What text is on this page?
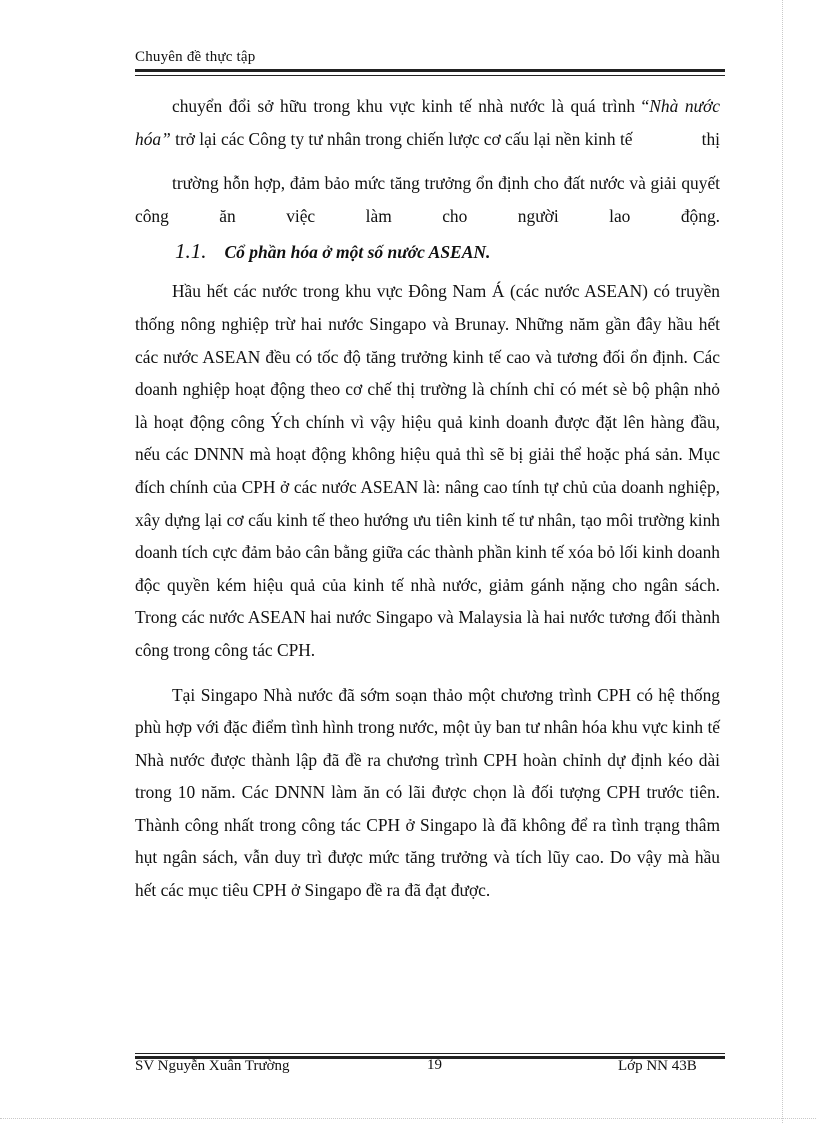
Chuyên đề thực tập

chuyển đổi sở hữu trong khu vực kinh tế nhà nước là quá trình “Nhà nước hóa” trở lại các Công ty tư nhân trong chiến lược cơ cấu lại nền kinh tế	thị

trường hỗn hợp, đảm bảo mức tăng trưởng ổn định cho đất nước và giải quyết công ăn việc làm cho người lao động.

1.1. Cổ phần hóa ở một số nước ASEAN.

Hầu hết các nước trong khu vực Đông Nam Á (các nước ASEAN) có truyền thống nông nghiệp trừ hai nước Singapo và Brunay. Những năm gần đây hầu hết các nước ASEAN đều có tốc độ tăng trưởng kinh tế cao và tương đối ổn định. Các doanh nghiệp hoạt động theo cơ chế thị trường là chính chỉ có mét sè bộ phận nhỏ là hoạt động công Ých chính vì vậy hiệu quả kinh doanh được đặt lên hàng đầu, nếu các DNNN mà hoạt động không hiệu quả thì sẽ bị giải thể hoặc phá sản. Mục đích chính của CPH ở các nước ASEAN là: nâng cao tính tự chủ của doanh nghiệp, xây dựng lại cơ cấu kinh tế theo hướng ưu tiên kinh tế tư nhân, tạo môi trường kinh doanh tích cực đảm bảo cân bằng giữa các thành phần kinh tế xóa bỏ lối kinh doanh độc quyền kém hiệu quả của kinh tế nhà nước, giảm gánh nặng cho ngân sách. Trong các nước ASEAN hai nước Singapo và Malaysia là hai nước tương đối thành công trong công tác CPH.

Tại Singapo Nhà nước đã sớm soạn thảo một chương trình CPH có hệ thống phù hợp với đặc điểm tình hình trong nước, một ủy ban tư nhân hóa khu vực kinh tế Nhà nước được thành lập đã đề ra chương trình CPH hoàn chỉnh dự định kéo dài trong 10 năm. Các DNNN làm ăn có lãi được chọn là đối tượng CPH trước tiên. Thành công nhất trong công tác CPH ở Singapo là đã không để ra tình trạng thâm hụt ngân sách, vẫn duy trì được mức tăng trưởng và tích lũy cao. Do vậy mà hầu hết các mục tiêu CPH ở Singapo đề ra đã đạt được.

SV Nguyễn Xuân Trường	19	Lớp NN 43B
